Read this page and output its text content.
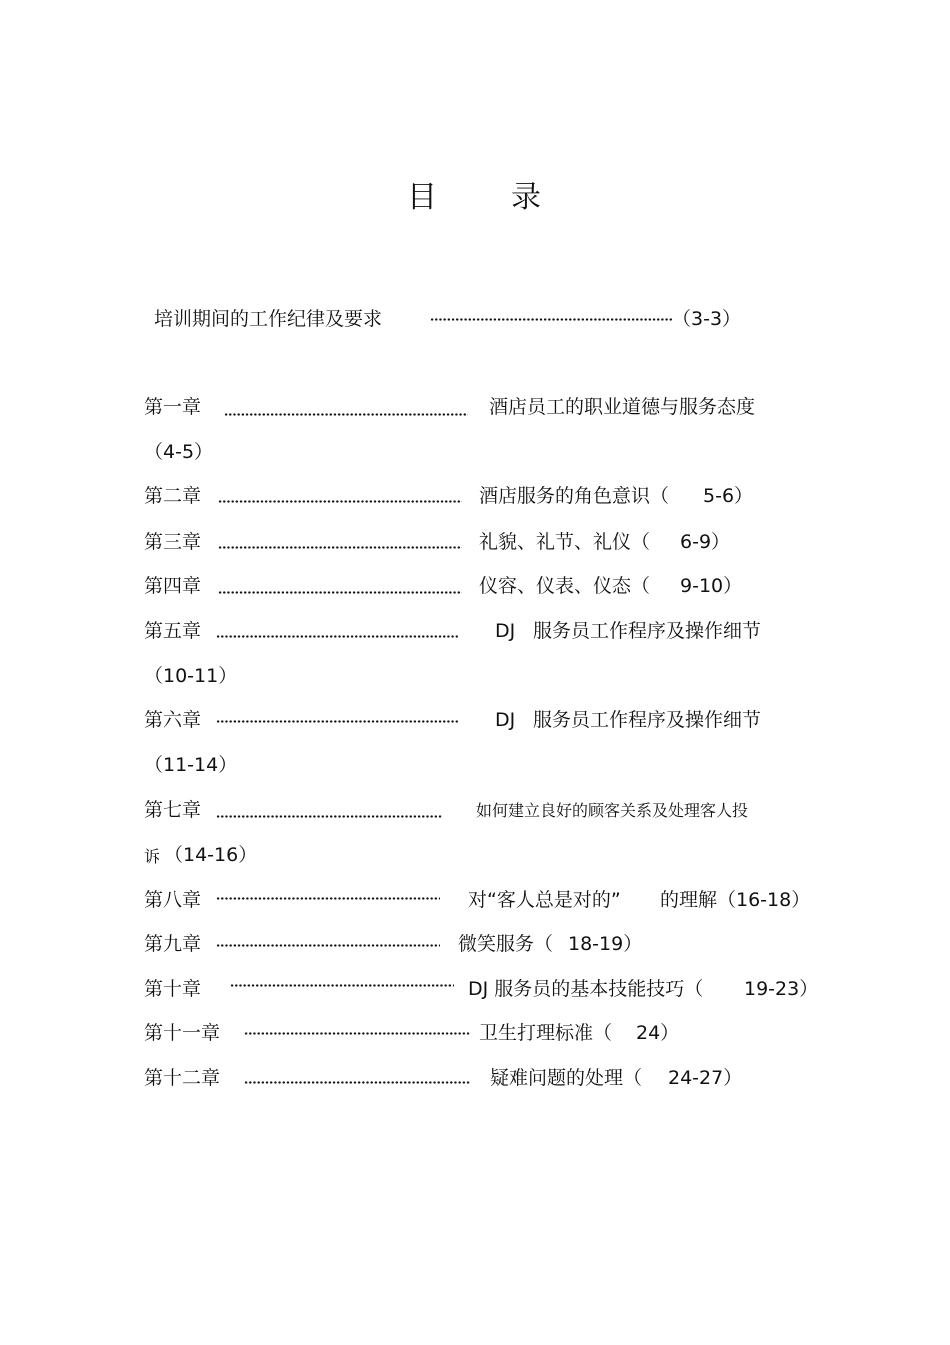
目 录
培训期间的工作纪律及要求	（3-3）
第一章	酒店员工的职业道德与服务态度
（4-5）
第二章	酒店服务的角色意识（ 5-6）
第三章	礼貌、礼节、礼仪（ 6-9）
第四章	仪容、仪表、仪态（ 9-10）
第五章	DJ 服务员工作程序及操作细节
（10-11）
第六章	DJ 服务员工作程序及操作细节
（11-14）
第七章	如何建立良好的顾客关系及处理客人投
诉 （14-16）
第八章	对“客人总是对的” 的理解（16-18）
第九章	微笑服务（ 18-19）
第十章	DJ 服务员的基本技能技巧（ 19-23）
第十一章	卫生打理标准（ 24）
第十二章	疑难问题的处理（ 24-27）
